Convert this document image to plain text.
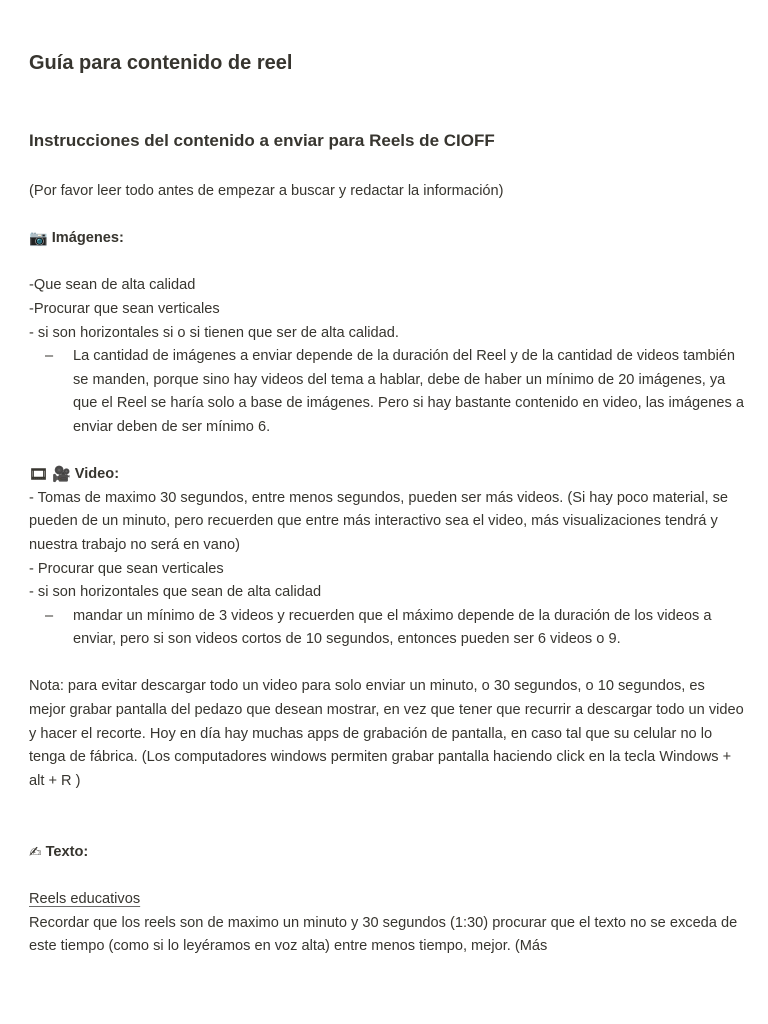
Guía para contenido de reel
Instrucciones del contenido a enviar para Reels de CIOFF
(Por favor leer todo antes de empezar a buscar y redactar la información)
📷 Imágenes:
-Que sean de alta calidad
-Procurar que sean verticales
- si son horizontales si o si tienen que ser de alta calidad.
– La cantidad de imágenes a enviar depende de la duración del Reel y de la cantidad de videos también se manden, porque sino hay videos del tema a hablar, debe de haber un mínimo de 20 imágenes, ya que el Reel se haría solo a base de imágenes. Pero si hay bastante contenido en video, las imágenes a enviar deben de ser mínimo 6.
🎞 🎥 Video:
- Tomas de maximo 30 segundos, entre menos segundos, pueden ser más videos. (Si hay poco material, se pueden de un minuto, pero recuerden que entre más interactivo sea el video, más visualizaciones tendrá y nuestra trabajo no será en vano)
- Procurar que sean verticales
- si son horizontales que sean de alta calidad
– mandar un mínimo de 3 videos y recuerden que el máximo depende de la duración de los videos a enviar, pero si son videos cortos de 10 segundos, entonces pueden ser 6 videos o 9.
Nota: para evitar descargar todo un video para solo enviar un minuto, o 30 segundos, o 10 segundos, es mejor grabar pantalla del pedazo que desean mostrar, en vez que tener que recurrir a descargar todo un video y hacer el recorte. Hoy en día hay muchas apps de grabación de pantalla, en caso tal que su celular no lo tenga de fábrica. (Los computadores windows permiten grabar pantalla haciendo click en la tecla Windows + alt + R )
✍ Texto:
Reels educativos
Recordar que los reels son de maximo un minuto y 30 segundos (1:30) procurar que el texto no se exceda de este tiempo (como si lo leyéramos en voz alta) entre menos tiempo, mejor. (Más
